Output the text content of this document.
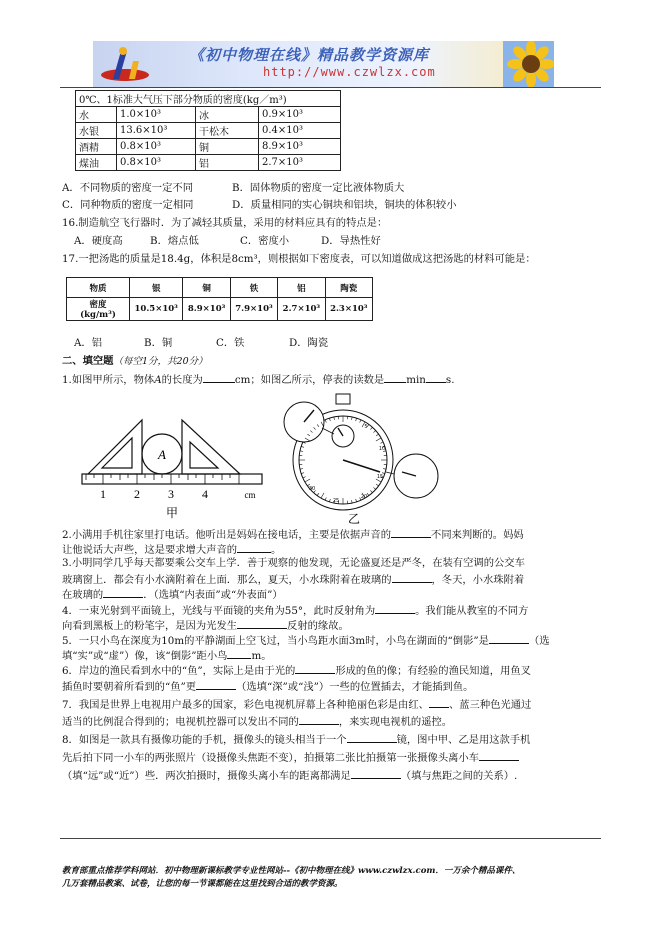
《初中物理在线》精品教学资源库
http://www.czwlzx.com
0℃、1标准大气压下部分物质的密度(kg／m³)			
水	1.0×10³	冰	0.9×10³
水银	13.6×10³	干松木	0.4×10³
酒精	0.8×10³	铜	8.9×10³
煤油	0.8×10³	铝	2.7×10³
A．不同物质的密度一定不同	B．固体物质的密度一定比液体物质大
C．同种物质的密度一定相同	D．质量相同的实心铜块和铝块，铜块的体积较小
16.制造航空飞行器时．为了减轻其质量，采用的材料应具有的特点是：
A．硬度高	B．熔点低	C．密度小	D．导热性好
17.一把汤匙的质量是18.4g，体积是8cm³，则根据如下密度表，可以知道做成这把汤匙的材料可能是：
物质	银	铜	铁	铝	陶瓷
密度 (kg/m³)	10.5×10³	8.9×10³	7.9×10³	2.7×10³	2.3×10³
A．铝	B．铜	C．铁	D．陶瓷
二、填空题（每空1分，共20分）
1.如图甲所示，物体A的长度为	cm；如图乙所示，停表的读数是 min s.
A
1 2 3 4	cm
甲
5
10
15
20
25
30
乙
2.小满用手机往家里打电话。他听出是妈妈在接电话，主要是依据声音的	不同来判断的。妈妈
让他说话大声些，这是要求增大声音的	。
3.小明同学几乎每天都要乘公交车上学．善于观察的他发现，无论盛夏还是严冬，在装有空调的公交车
玻璃窗上．都会有小水滴附着在上面．那么，夏天，小水珠附着在玻璃的	，冬天，小水珠附着
在玻璃的	．（选填“内表面”或“外表面”）
4．一束光射到平面镜上，光线与平面镜的夹角为55°，此时反射角为	。我们能从教室的不同方
向看到黑板上的粉笔字，是因为光发生	反射的缘故。
5．一只小鸟在深度为10m的平静湖面上空飞过，当小鸟距水面3m时，小鸟在湖面的“倒影”是	（选
填“实”或“虚”）像，该“倒影”距小鸟 m。
6．岸边的渔民看到水中的“鱼”，实际上是由于光的	形成的鱼的像；有经验的渔民知道，用鱼叉
插鱼时要朝着所看到的“鱼”更	（选填“深”或“浅”）一些的位置插去，才能插到鱼。
7．我国是世界上电视用户最多的国家，彩色电视机屏幕上各种艳丽色彩是由红、 、蓝三种色光通过
适当的比例混合得到的；电视机控器可以发出不同的	，来实现电视机的遥控。
8．如图是一款具有摄像功能的手机，摄像头的镜头相当于一个	镜，图中甲、乙是用这款手机
先后拍下同一小车的两张照片（设摄像头焦距不变），拍摄第二张比拍摄第一张摄像头离小车
（填“远”或“近”）些．两次拍摄时，摄像头离小车的距离都满足	（填与焦距之间的关系）.
教育部重点推荐学科网站．初中物理新课标教学专业性网站--《初中物理在线》www.czwlzx.com．一万余个精品课件、
几万套精品教案、试卷，让您的每一节课都能在这里找到合适的教学资源。
